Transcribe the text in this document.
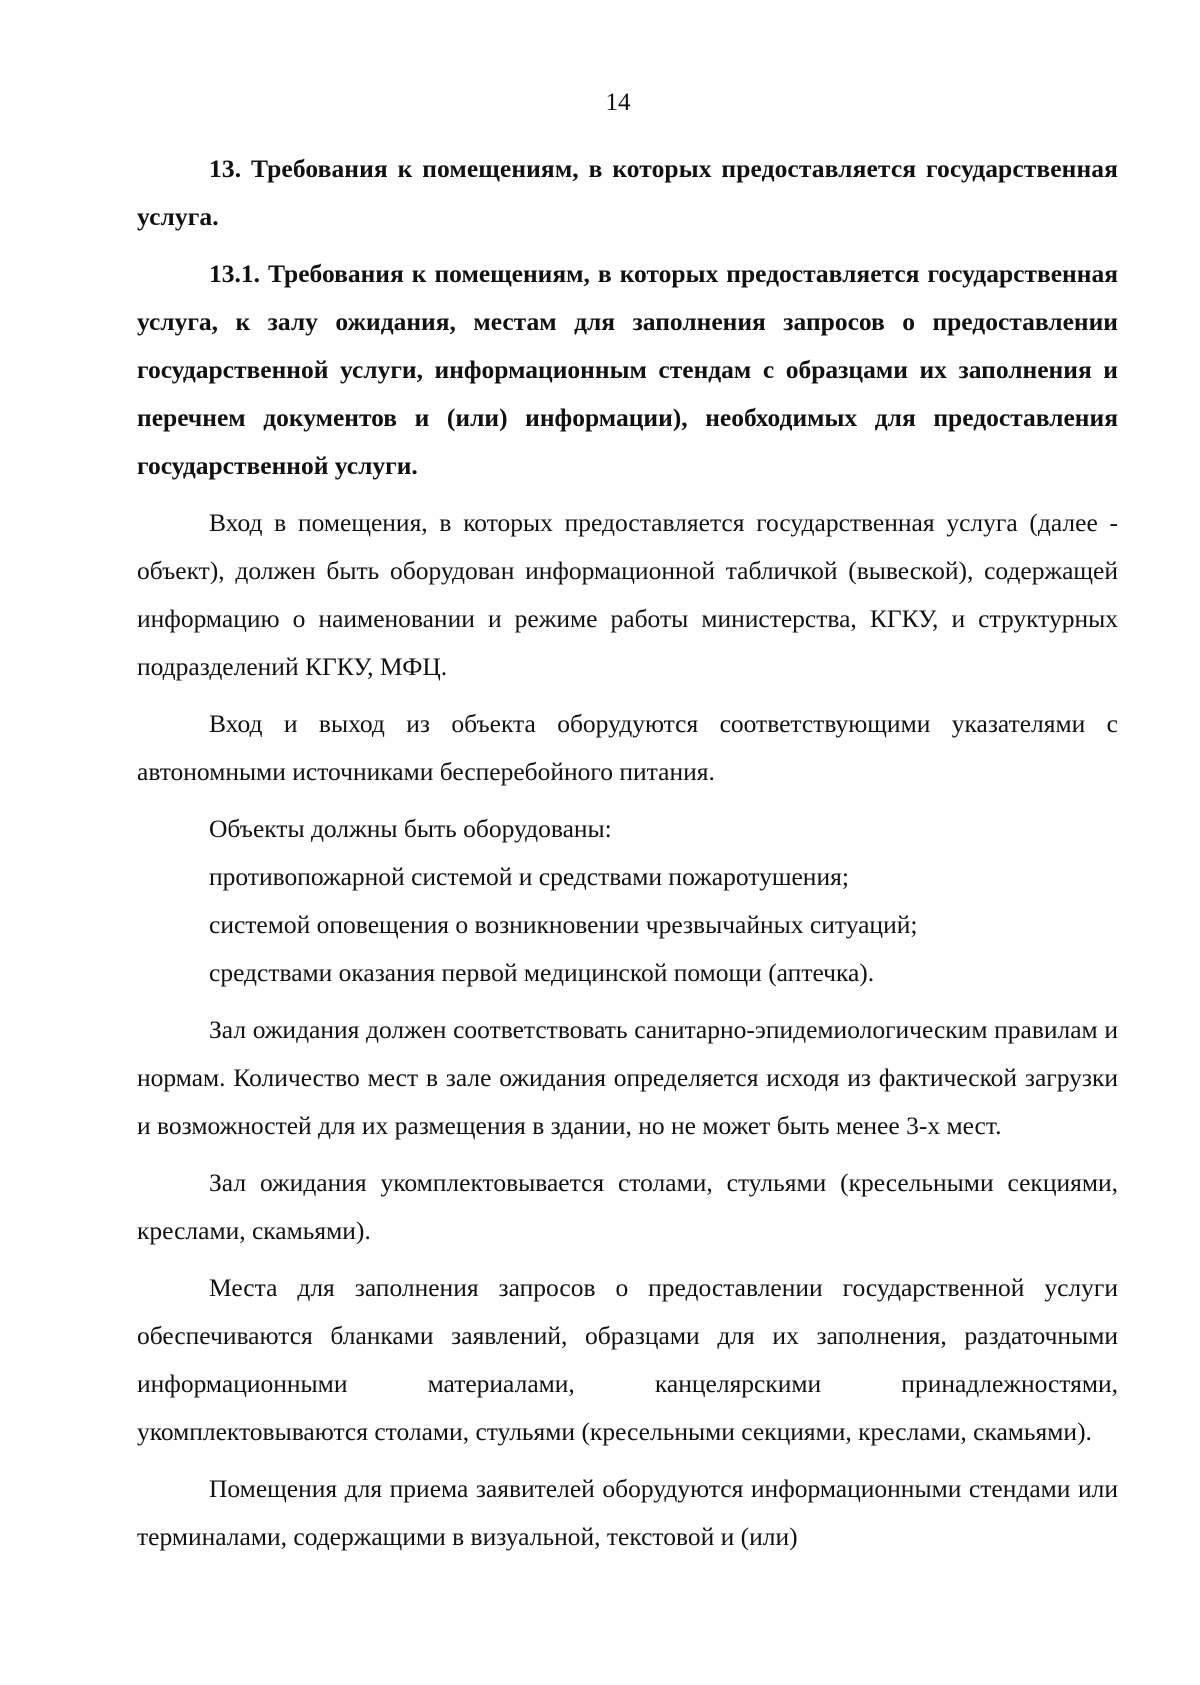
14

13. Требования к помещениям, в которых предоставляется государственная услуга.

13.1. Требования к помещениям, в которых предоставляется государственная услуга, к залу ожидания, местам для заполнения запросов о предоставлении государственной услуги, информационным стендам с образцами их заполнения и перечнем документов и (или) информации), необходимых для предоставления государственной услуги.

Вход в помещения, в которых предоставляется государственная услуга (далее - объект), должен быть оборудован информационной табличкой (вывеской), содержащей информацию о наименовании и режиме работы министерства, КГКУ, и структурных подразделений КГКУ, МФЦ.

Вход и выход из объекта оборудуются соответствующими указателями с автономными источниками бесперебойного питания.

Объекты должны быть оборудованы:

противопожарной системой и средствами пожаротушения;

системой оповещения о возникновении чрезвычайных ситуаций;

средствами оказания первой медицинской помощи (аптечка).

Зал ожидания должен соответствовать санитарно-эпидемиологическим правилам и нормам. Количество мест в зале ожидания определяется исходя из фактической загрузки и возможностей для их размещения в здании, но не может быть менее 3-х мест.

Зал ожидания укомплектовывается столами, стульями (кресельными секциями, креслами, скамьями).

Места для заполнения запросов о предоставлении государственной услуги обеспечиваются бланками заявлений, образцами для их заполнения, раздаточными информационными материалами, канцелярскими принадлежностями, укомплектовываются столами, стульями (кресельными секциями, креслами, скамьями).

Помещения для приема заявителей оборудуются информационными стендами или терминалами, содержащими в визуальной, текстовой и (или)
